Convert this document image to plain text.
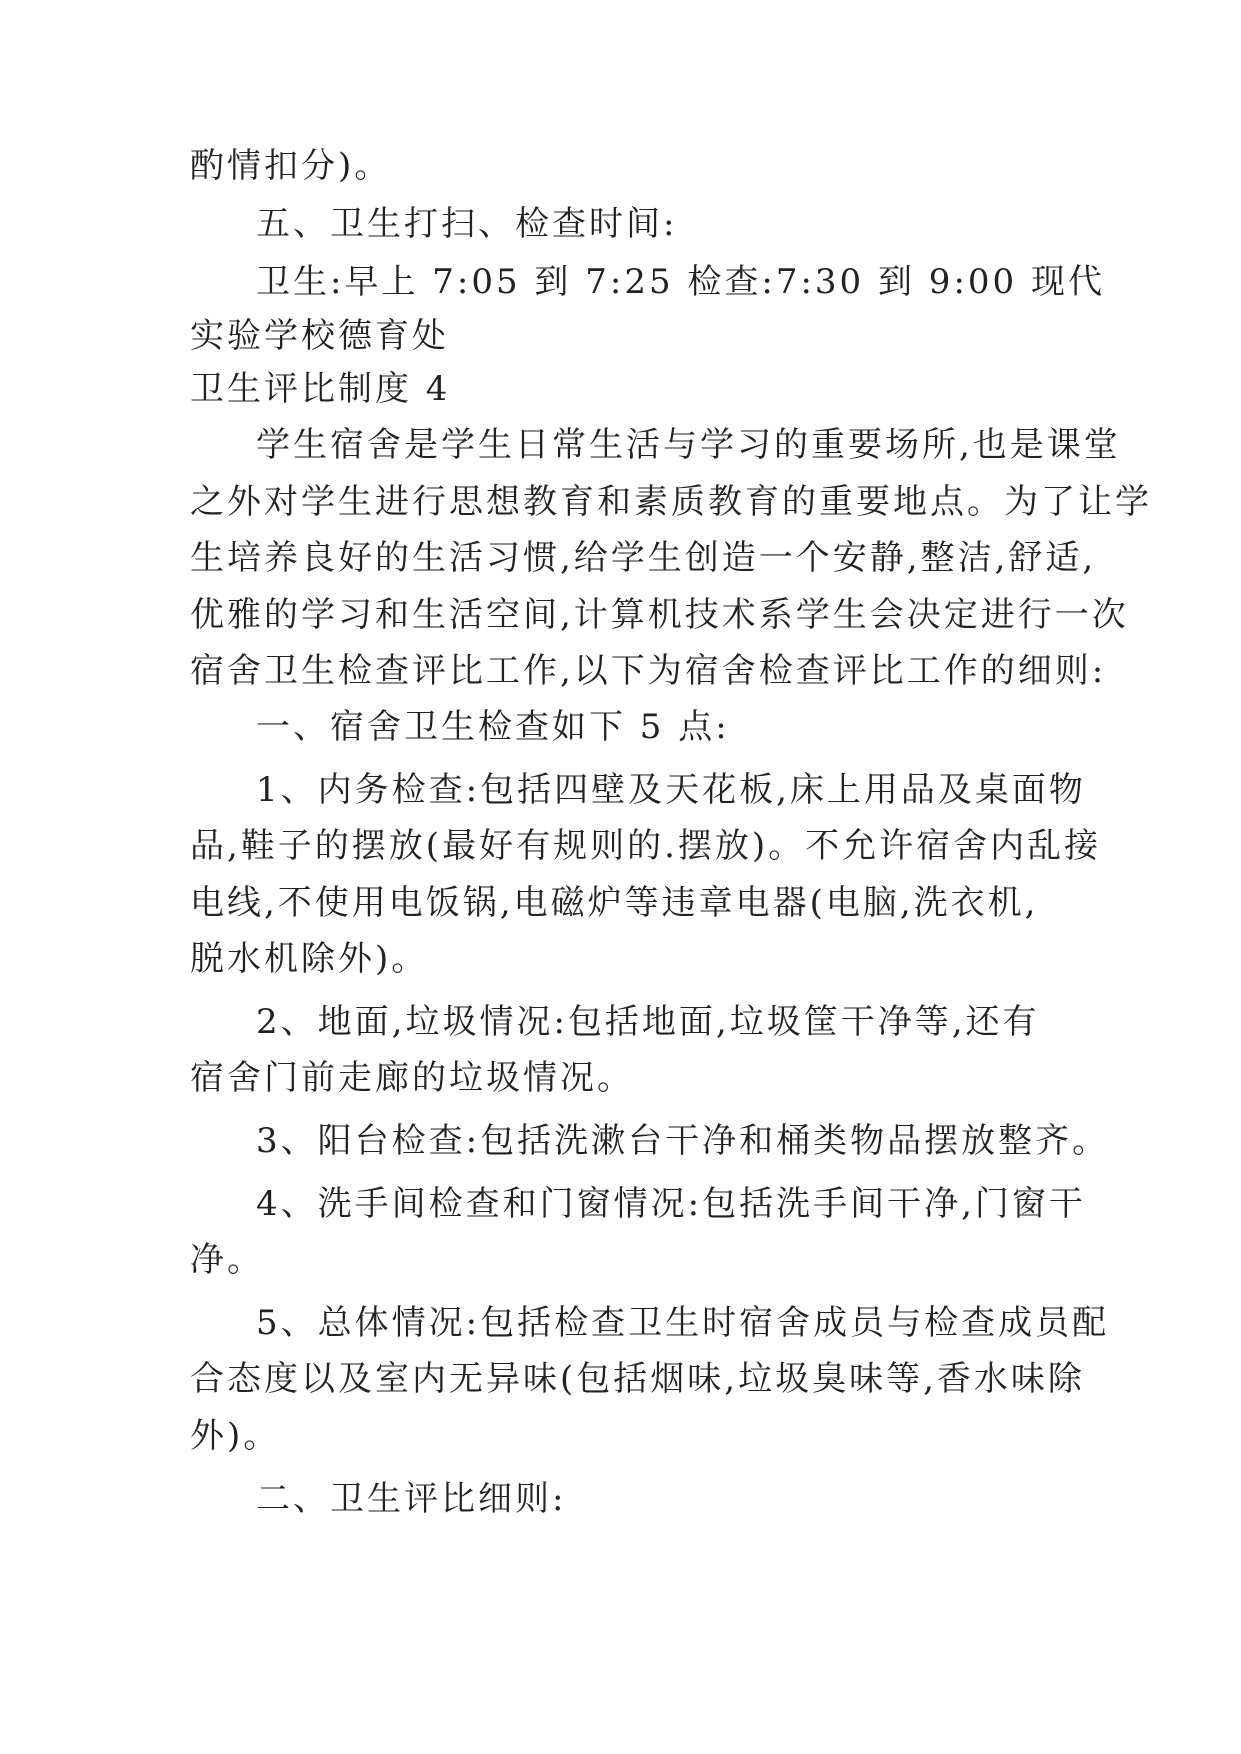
酌情扣分)。
五、卫生打扫、检查时间:
卫生:早上 7:05 到 7:25 检查:7:30 到 9:00 现代
实验学校德育处
卫生评比制度 4
学生宿舍是学生日常生活与学习的重要场所,也是课堂
之外对学生进行思想教育和素质教育的重要地点。为了让学
生培养良好的生活习惯,给学生创造一个安静,整洁,舒适,
优雅的学习和生活空间,计算机技术系学生会决定进行一次
宿舍卫生检查评比工作,以下为宿舍检查评比工作的细则:
一、宿舍卫生检查如下 5 点:
1、内务检查:包括四壁及天花板,床上用品及桌面物
品,鞋子的摆放(最好有规则的.摆放)。不允许宿舍内乱接
电线,不使用电饭锅,电磁炉等违章电器(电脑,洗衣机,
脱水机除外)。
2、地面,垃圾情况:包括地面,垃圾筐干净等,还有
宿舍门前走廊的垃圾情况。
3、阳台检查:包括洗漱台干净和桶类物品摆放整齐。
4、洗手间检查和门窗情况:包括洗手间干净,门窗干
净。
5、总体情况:包括检查卫生时宿舍成员与检查成员配
合态度以及室内无异味(包括烟味,垃圾臭味等,香水味除
外)。
二、卫生评比细则:
